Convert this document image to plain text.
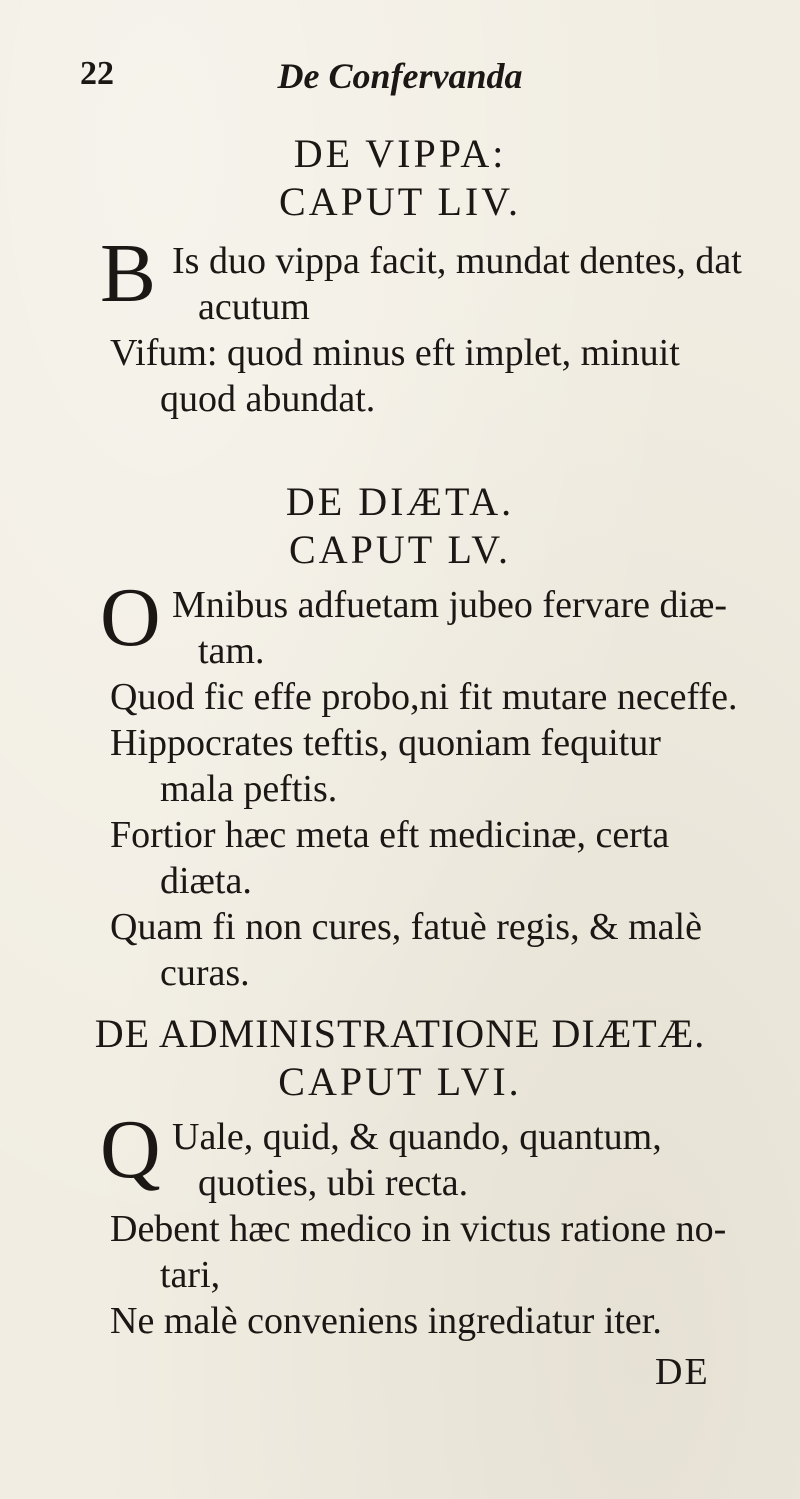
22	De Confervanda

DE VIPPA:

CAPUT LIV.

B Is duo vippa facit, mundat dentes, dat
acutum
Vifum: quod minus eft implet, minuit
quod abundat.

DE DIÆTA.

CAPUT LV.

O Mnibus adfuetam jubeo fervare diæ-
tam.
Quod fic effe probo,ni fit mutare neceffe.
Hippocrates teftis, quoniam fequitur
mala peftis.
Fortior hæc meta eft medicinæ, certa
diæta.
Quam fi non cures, fatuè regis, & malè
curas.

DE ADMINISTRATIONE DIÆTÆ.

CAPUT LVI.

Q Uale, quid, & quando, quantum,
quoties, ubi recta.
Debent hæc medico in victus ratione no-
tari,
Ne malè conveniens ingrediatur iter.
DE
